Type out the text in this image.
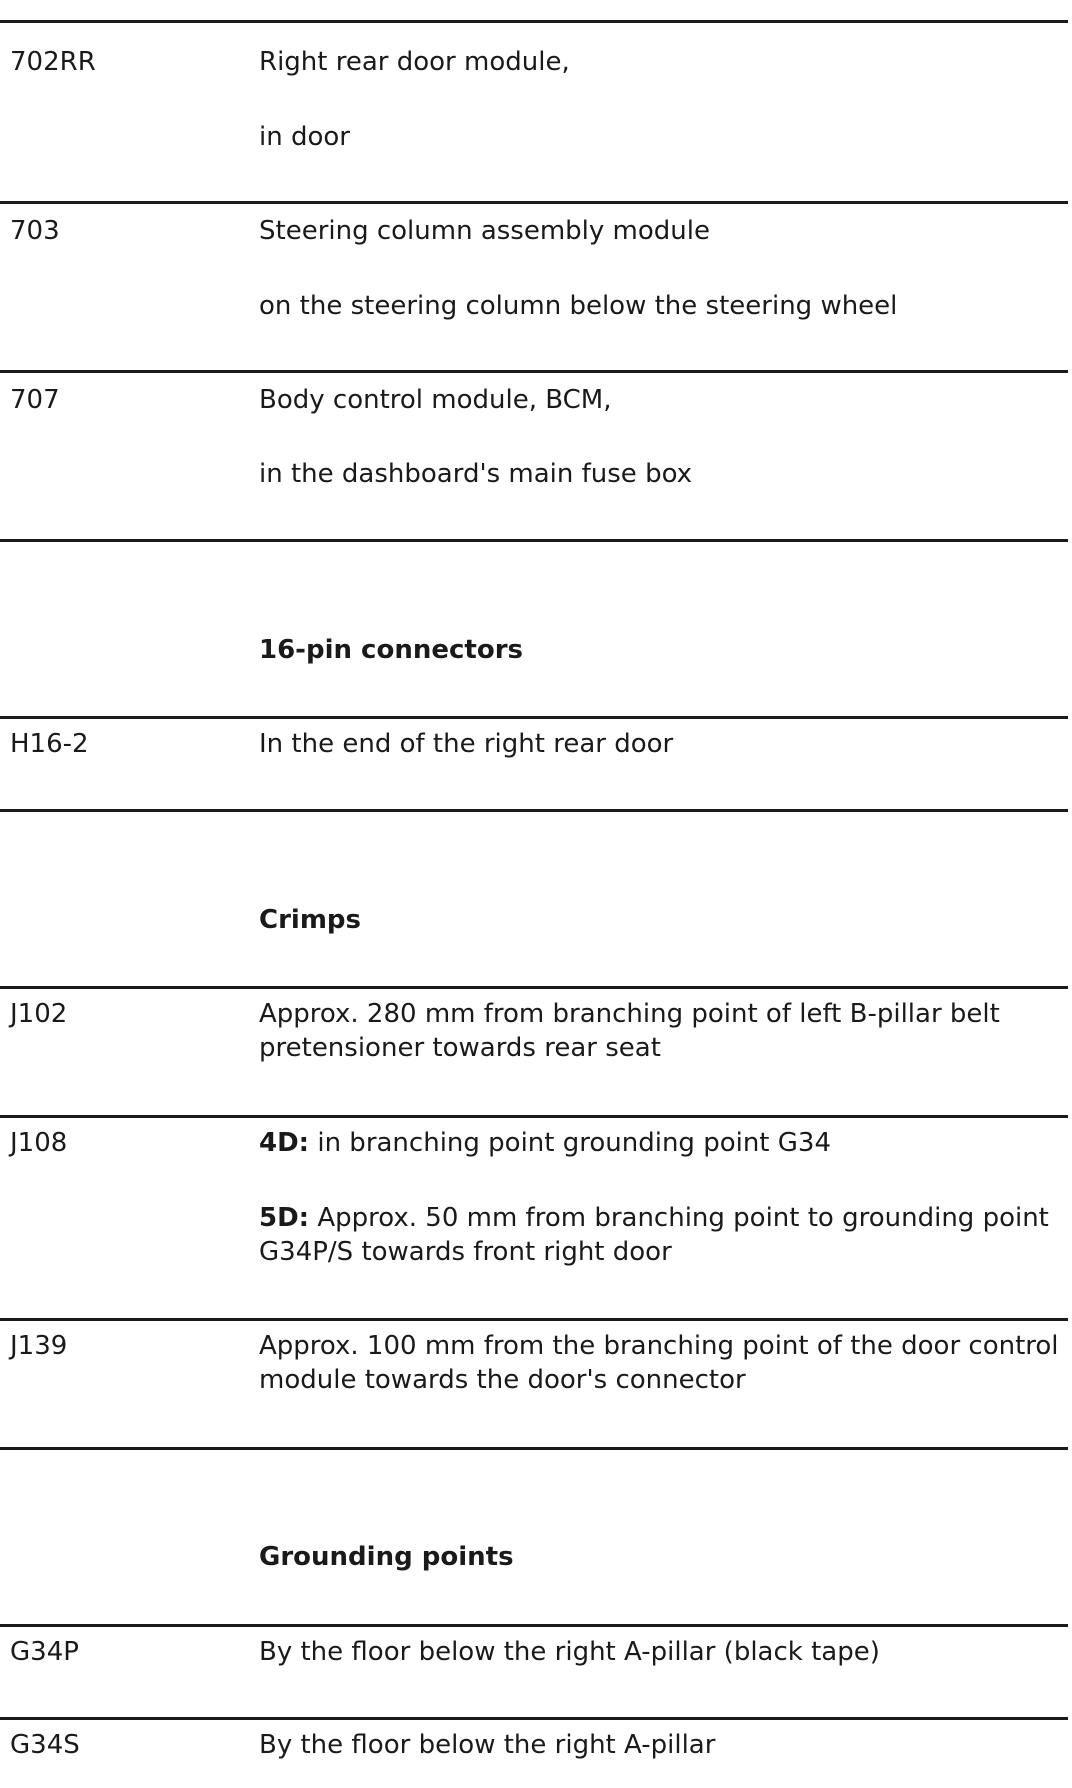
702RR	Right rear door module,
in door
703	Steering column assembly module
on the steering column below the steering wheel
707	Body control module, BCM,
in the dashboard's main fuse box
16-pin connectors
H16-2	In the end of the right rear door
Crimps
J102	Approx. 280 mm from branching point of left B-pillar belt pretensioner towards rear seat
J108	4D: in branching point grounding point G34
5D: Approx. 50 mm from branching point to grounding point G34P/S towards front right door
J139	Approx. 100 mm from the branching point of the door control module towards the door's connector
Grounding points
G34P	By the floor below the right A-pillar (black tape)
G34S	By the floor below the right A-pillar
